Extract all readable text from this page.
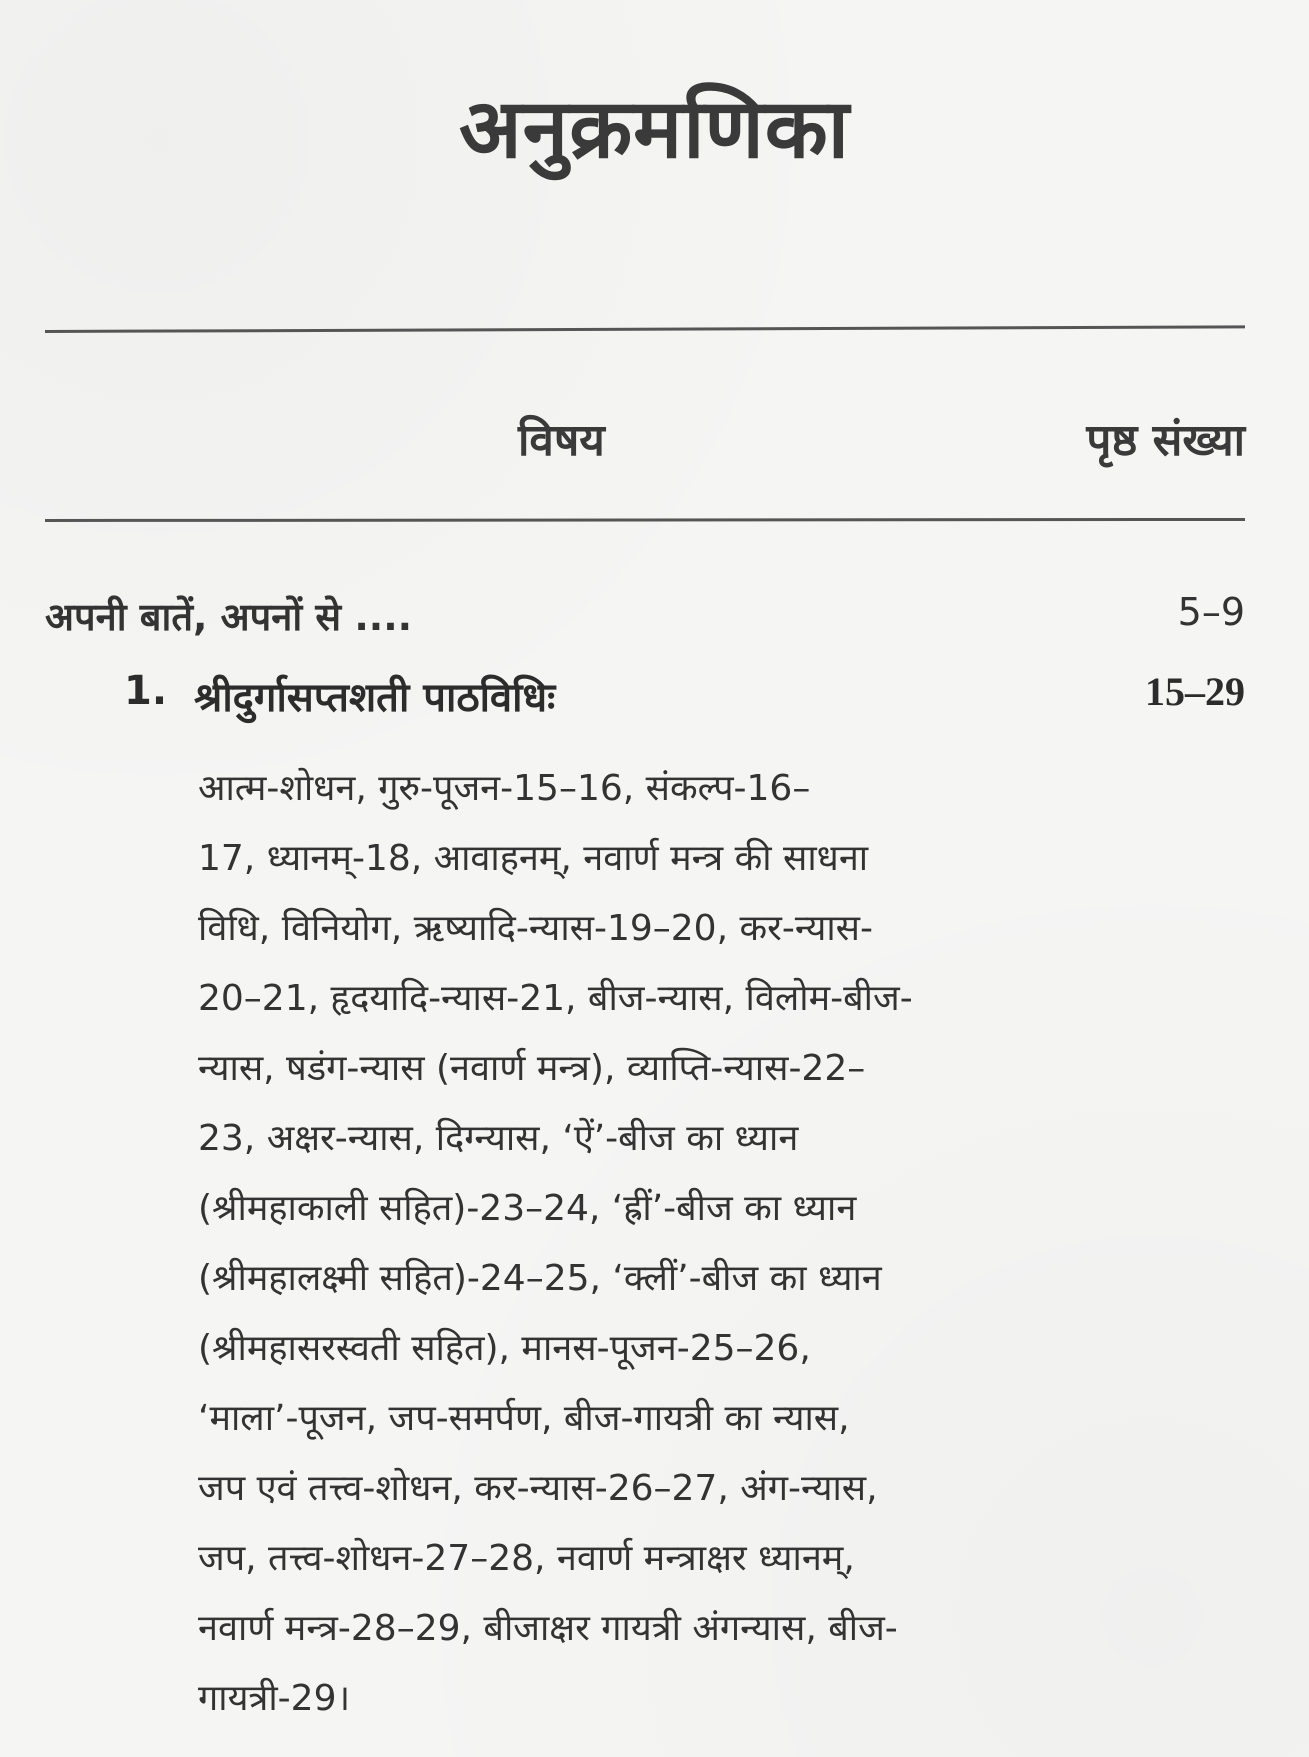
अनुक्रमणिका
विषय	पृष्ठ संख्या
अपनी बातें, अपनों से ....	5–9
1. श्रीदुर्गासप्तशती पाठविधिः	15–29
आत्म-शोधन, गुरु-पूजन-15–16, संकल्प-16–
17, ध्यानम्-18, आवाहनम्, नवार्ण मन्त्र की साधना
विधि, विनियोग, ऋष्यादि-न्यास-19–20, कर-न्यास-
20–21, हृदयादि-न्यास-21, बीज-न्यास, विलोम-बीज-
न्यास, षडंग-न्यास (नवार्ण मन्त्र), व्याप्ति-न्यास-22–
23, अक्षर-न्यास, दिग्न्यास, ‘ऐं’-बीज का ध्यान
(श्रीमहाकाली सहित)-23–24, ‘ह्रीं’-बीज का ध्यान
(श्रीमहालक्ष्मी सहित)-24–25, ‘क्लीं’-बीज का ध्यान
(श्रीमहासरस्वती सहित), मानस-पूजन-25–26,
‘माला’-पूजन, जप-समर्पण, बीज-गायत्री का न्यास,
जप एवं तत्त्व-शोधन, कर-न्यास-26–27, अंग-न्यास,
जप, तत्त्व-शोधन-27–28, नवार्ण मन्त्राक्षर ध्यानम्,
नवार्ण मन्त्र-28–29, बीजाक्षर गायत्री अंगन्यास, बीज-
गायत्री-29।
